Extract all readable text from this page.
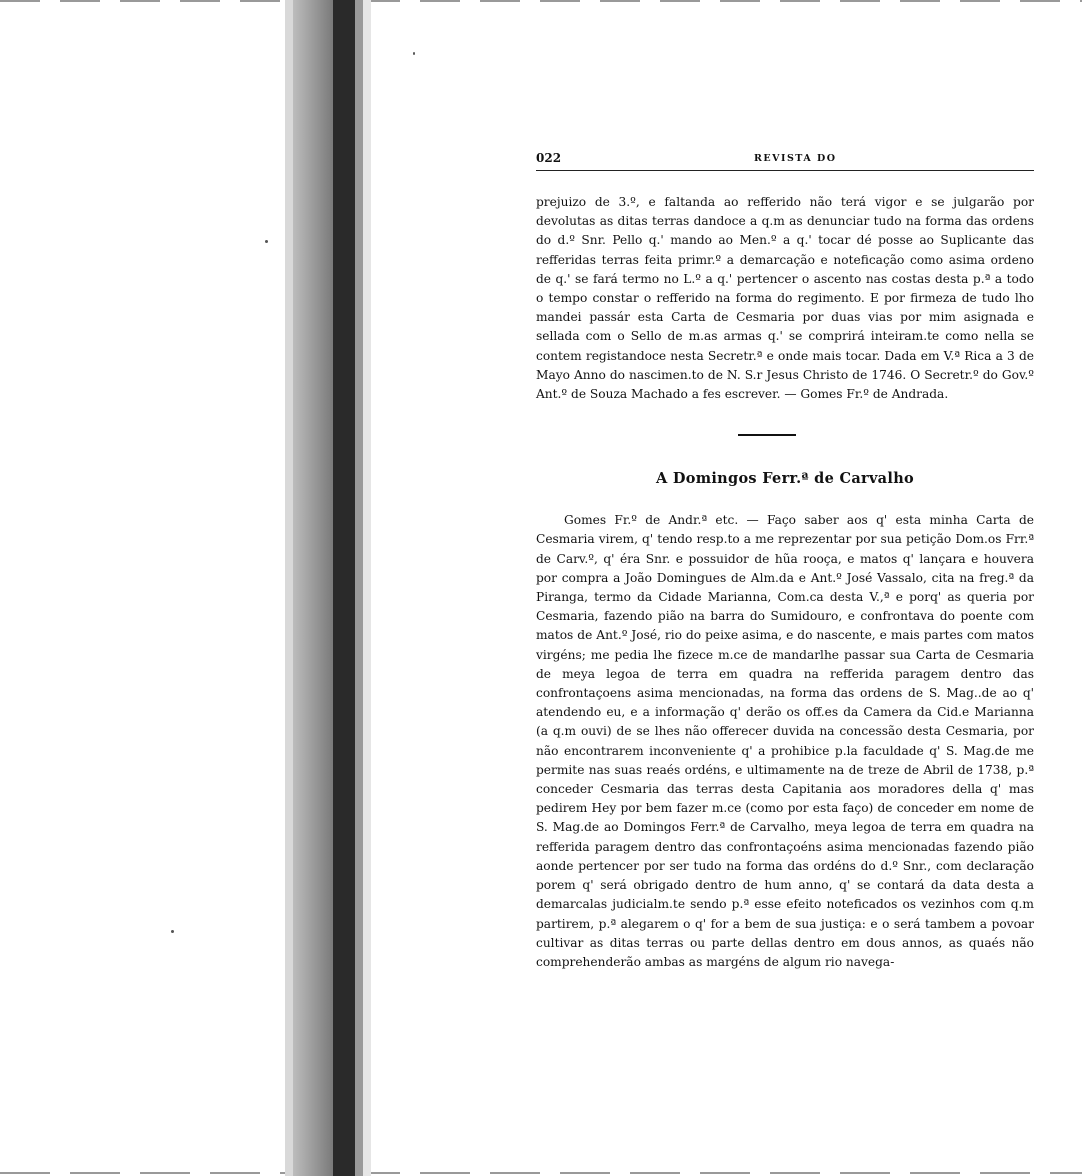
022	REVISTA DO

prejuizo de 3.º, e faltanda ao refferido não terá vigor e se julgarão por devolutas as ditas terras dandoce a q.m as denunciar tudo na forma das ordens do d.º Snr. Pello q.' mando ao Men.º a q.' tocar dé posse ao Suplicante das refferidas terras feita primr.º a demarcação e noteficação como asima ordeno de q.' se fará termo no L.º a q.' pertencer o ascento nas costas desta p.ª a todo o tempo constar o refferido na forma do regimento. E por firmeza de tudo lho mandei passár esta Carta de Cesmaria por duas vias por mim asignada e sellada com o Sello de m.as armas q.' se comprirá inteiram.te como nella se contem registandoce nesta Secretr.ª e onde mais tocar. Dada em V.ª Rica a 3 de Mayo Anno do nascimen.to de N. S.r Jesus Christo de 1746. O Secretr.º do Gov.º Ant.º de Souza Machado a fes escrever. — Gomes Fr.º de Andrada.

A Domingos Ferr.ª de Carvalho

Gomes Fr.º de Andr.ª etc. — Faço saber aos q' esta minha Carta de Cesmaria virem, q' tendo resp.to a me reprezentar por sua petição Dom.os Frr.ª de Carv.º, q' éra Snr. e possuidor de hũa rooça, e matos q' lançara e houvera por compra a João Domingues de Alm.da e Ant.º José Vassalo, cita na freg.ª da Piranga, termo da Cidade Marianna, Com.ca desta V.,ª e porq' as queria por Cesmaria, fazendo pião na barra do Sumidouro, e confrontava do poente com matos de Ant.º José, rio do peixe asima, e do nascente, e mais partes com matos virgéns; me pedia lhe fizece m.ce de mandarlhe passar sua Carta de Cesmaria de meya legoa de terra em quadra na refferida paragem dentro das confrontaçoens asima mencionadas, na forma das ordens de S. Mag..de ao q' atendendo eu, e a informação q' derão os off.es da Camera da Cid.e Marianna (a q.m ouvi) de se lhes não offerecer duvida na concessão desta Cesmaria, por não encontrarem inconveniente q' a prohibice p.la faculdade q' S. Mag.de me permite nas suas reaés ordéns, e ultimamente na de treze de Abril de 1738, p.ª conceder Cesmaria das terras desta Capitania aos moradores della q' mas pedirem Hey por bem fazer m.ce (como por esta faço) de conceder em nome de S. Mag.de ao Domingos Ferr.ª de Carvalho, meya legoa de terra em quadra na refferida paragem dentro das confrontaçoéns asima mencionadas fazendo pião aonde pertencer por ser tudo na forma das ordéns do d.º Snr., com declaração porem q' será obrigado dentro de hum anno, q' se contará da data desta a demarcalas judicialm.te sendo p.ª esse efeito noteficados os vezinhos com q.m partirem, p.ª alegarem o q' for a bem de sua justiça: e o será tambem a povoar cultivar as ditas terras ou parte dellas dentro em dous annos, as quaés não comprehenderão ambas as margéns de algum rio navega-
